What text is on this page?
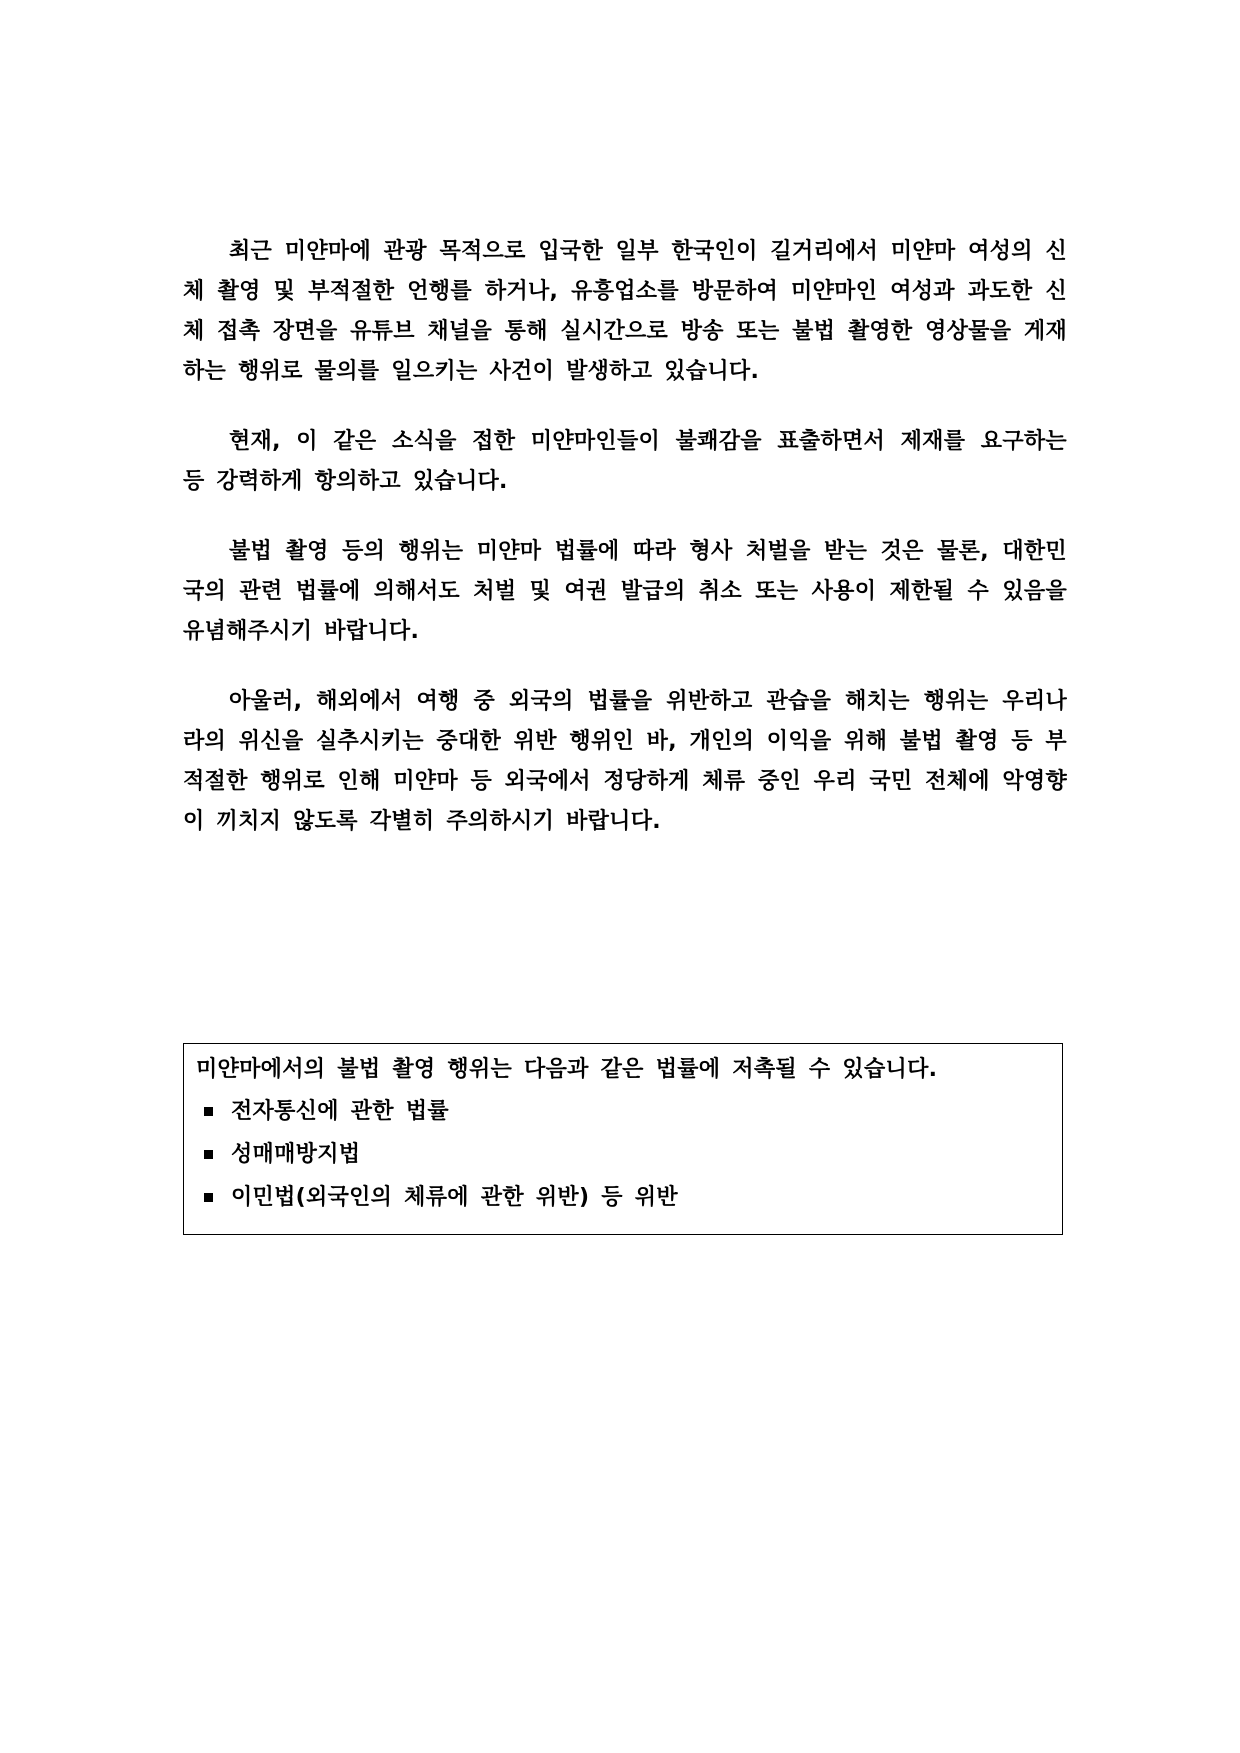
최근 미얀마에 관광 목적으로 입국한 일부 한국인이 길거리에서 미얀마 여성의 신체 촬영 및 부적절한 언행를 하거나, 유흥업소를 방문하여 미얀마인 여성과 과도한 신체 접촉 장면을 유튜브 채널을 통해 실시간으로 방송 또는 불법 촬영한 영상물을 게재하는 행위로 물의를 일으키는 사건이 발생하고 있습니다.

현재, 이 같은 소식을 접한 미얀마인들이 불쾌감을 표출하면서 제재를 요구하는 등 강력하게 항의하고 있습니다.

불법 촬영 등의 행위는 미얀마 법률에 따라 형사 처벌을 받는 것은 물론, 대한민국의 관련 법률에 의해서도 처벌 및 여권 발급의 취소 또는 사용이 제한될 수 있음을 유념해주시기 바랍니다.

아울러, 해외에서 여행 중 외국의 법률을 위반하고 관습을 해치는 행위는 우리나라의 위신을 실추시키는 중대한 위반 행위인 바, 개인의 이익을 위해 불법 촬영 등 부적절한 행위로 인해 미얀마 등 외국에서 정당하게 체류 중인 우리 국민 전체에 악영향이 끼치지 않도록 각별히 주의하시기 바랍니다.

미얀마에서의 불법 촬영 행위는 다음과 같은 법률에 저촉될 수 있습니다.

전자통신에 관한 법률
성매매방지법
이민법(외국인의 체류에 관한 위반) 등 위반
